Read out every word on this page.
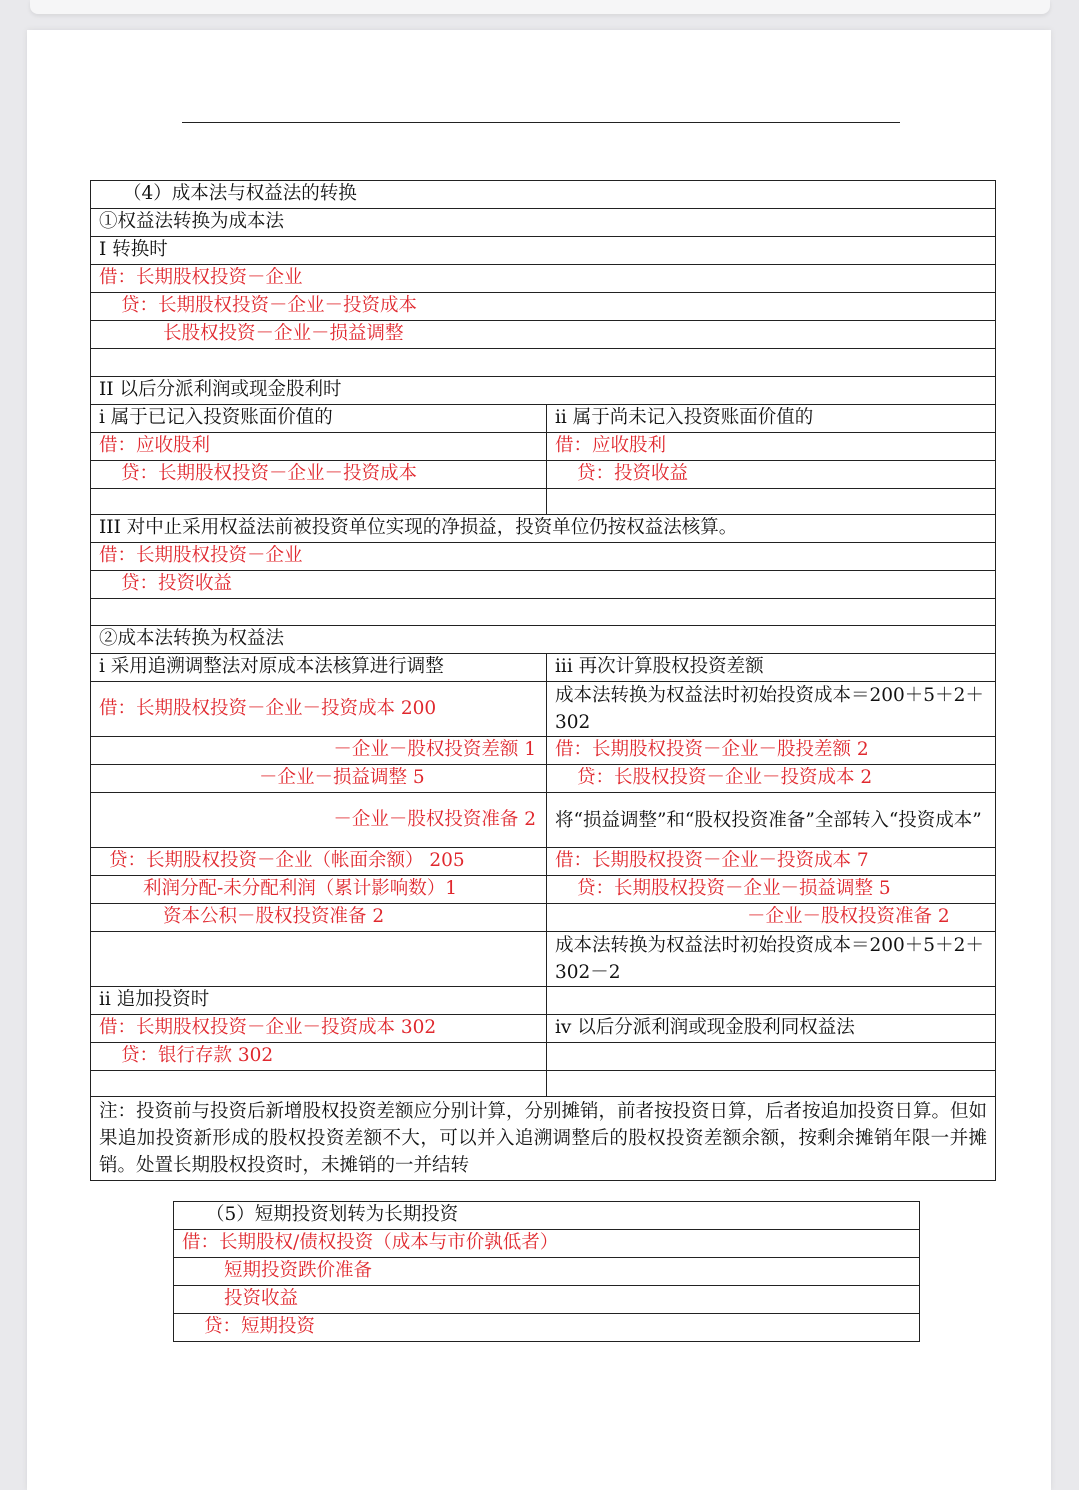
（4）成本法与权益法的转换	
①权益法转换为成本法	
I 转换时	
借：长期股权投资－企业	
贷：长期股权投资－企业－投资成本	
长股权投资－企业－损益调整	

II 以后分派利润或现金股利时	
i 属于已记入投资账面价值的	ii 属于尚未记入投资账面价值的
借：应收股利	借：应收股利
贷：长期股权投资－企业－投资成本	贷：投资收益

III 对中止采用权益法前被投资单位实现的净损益，投资单位仍按权益法核算。	
借：长期股权投资－企业	
贷：投资收益	

②成本法转换为权益法	
i 采用追溯调整法对原成本法核算进行调整	iii 再次计算股权投资差额
借：长期股权投资－企业－投资成本 200	成本法转换为权益法时初始投资成本＝200＋5＋2＋302
－企业－股权投资差额 1	借：长期股权投资－企业－股投差额 2
－企业－损益调整 5	贷：长股权投资－企业－投资成本 2
－企业－股权投资准备 2	将“损益调整”和“股权投资准备”全部转入“投资成本”
贷：长期股权投资－企业（帐面余额） 205	借：长期股权投资－企业－投资成本 7
利润分配-未分配利润（累计影响数）1	贷：长期股权投资－企业－损益调整 5
资本公积－股权投资准备 2	－企业－股权投资准备 2
	成本法转换为权益法时初始投资成本＝200＋5＋2＋302－2
ii 追加投资时	
借：长期股权投资－企业－投资成本 302	iv 以后分派利润或现金股利同权益法
贷：银行存款 302	

注：投资前与投资后新增股权投资差额应分别计算，分别摊销，前者按投资日算，后者按追加投资日算。但如果追加投资新形成的股权投资差额不大，可以并入追溯调整后的股权投资差额余额，按剩余摊销年限一并摊销。处置长期股权投资时，未摊销的一并结转	
（5）短期投资划转为长期投资
借：长期股权/债权投资（成本与市价孰低者）
短期投资跌价准备
投资收益
贷：短期投资
